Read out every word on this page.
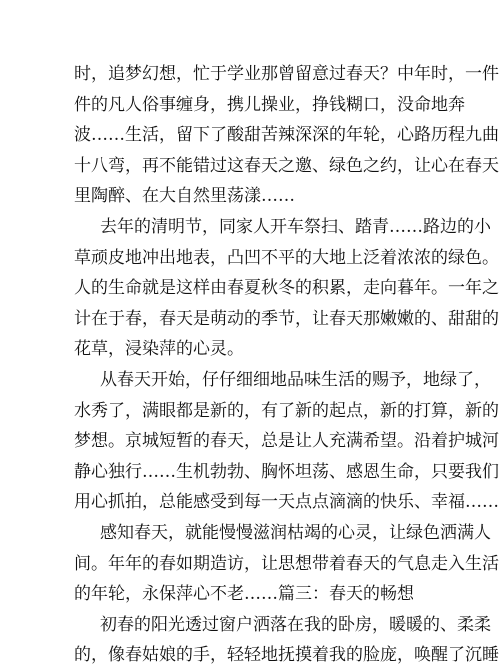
时 ， 追 梦 幻 想 ， 忙 于 学 业 那 曾 留 意 过 春 天 ？ 中 年 时 ， 一 件
件 的 凡 人 俗 事 缠 身 ， 携 儿 操 业 ， 挣 钱 糊 口 ， 没 命 地 奔
波 … … 生 活 ， 留 下 了 酸 甜 苦 辣 深 深 的 年 轮 ， 心 路 历 程 九 曲
十 八 弯 ， 再 不 能 错 过 这 春 天 之 邀 、 绿 色 之 约 ， 让 心 在 春 天
里 陶 醉 、 在 大 自 然 里 荡 漾 … …
去 年 的 清 明 节 ， 同 家 人 开 车 祭 扫 、 踏 青 … … 路 边 的 小
草 顽 皮 地 冲 出 地 表 ， 凸 凹 不 平 的 大 地 上 泛 着 浓 浓 的 绿 色 。
人 的 生 命 就 是 这 样 由 春 夏 秋 冬 的 积 累 ， 走 向 暮 年 。 一 年 之
计 在 于 春 ， 春 天 是 萌 动 的 季 节 ， 让 春 天 那 嫩 嫩 的 、 甜 甜 的
花 草 ， 浸 染 萍 的 心 灵 。
从 春 天 开 始 ， 仔 仔 细 细 地 品 味 生 活 的 赐 予 ， 地 绿 了 ，
水 秀 了 ， 满 眼 都 是 新 的 ， 有 了 新 的 起 点 ， 新 的 打 算 ， 新 的
梦 想 。 京 城 短 暂 的 春 天 ， 总 是 让 人 充 满 希 望 。 沿 着 护 城 河
静 心 独 行 … … 生 机 勃 勃 、 胸 怀 坦 荡 、 感 恩 生 命 ， 只 要 我 们
用 心 抓 拍 ， 总 能 感 受 到 每 一 天 点 点 滴 滴 的 快 乐 、 幸 福 … …
感 知 春 天 ， 就 能 慢 慢 滋 润 枯 竭 的 心 灵 ， 让 绿 色 洒 满 人
间 。 年 年 的 春 如 期 造 访 ， 让 思 想 带 着 春 天 的 气 息 走 入 生 活
的 年 轮 ， 永 保 萍 心 不 老 … … 篇 三 ： 春 天 的 畅 想
初 春 的 阳 光 透 过 窗 户 洒 落 在 我 的 卧 房 ， 暖 暖 的 、 柔 柔
的 ， 像 春 姑 娘 的 手 ， 轻 轻 地 抚 摸 着 我 的 脸 庞 ， 唤 醒 了 沉 睡
